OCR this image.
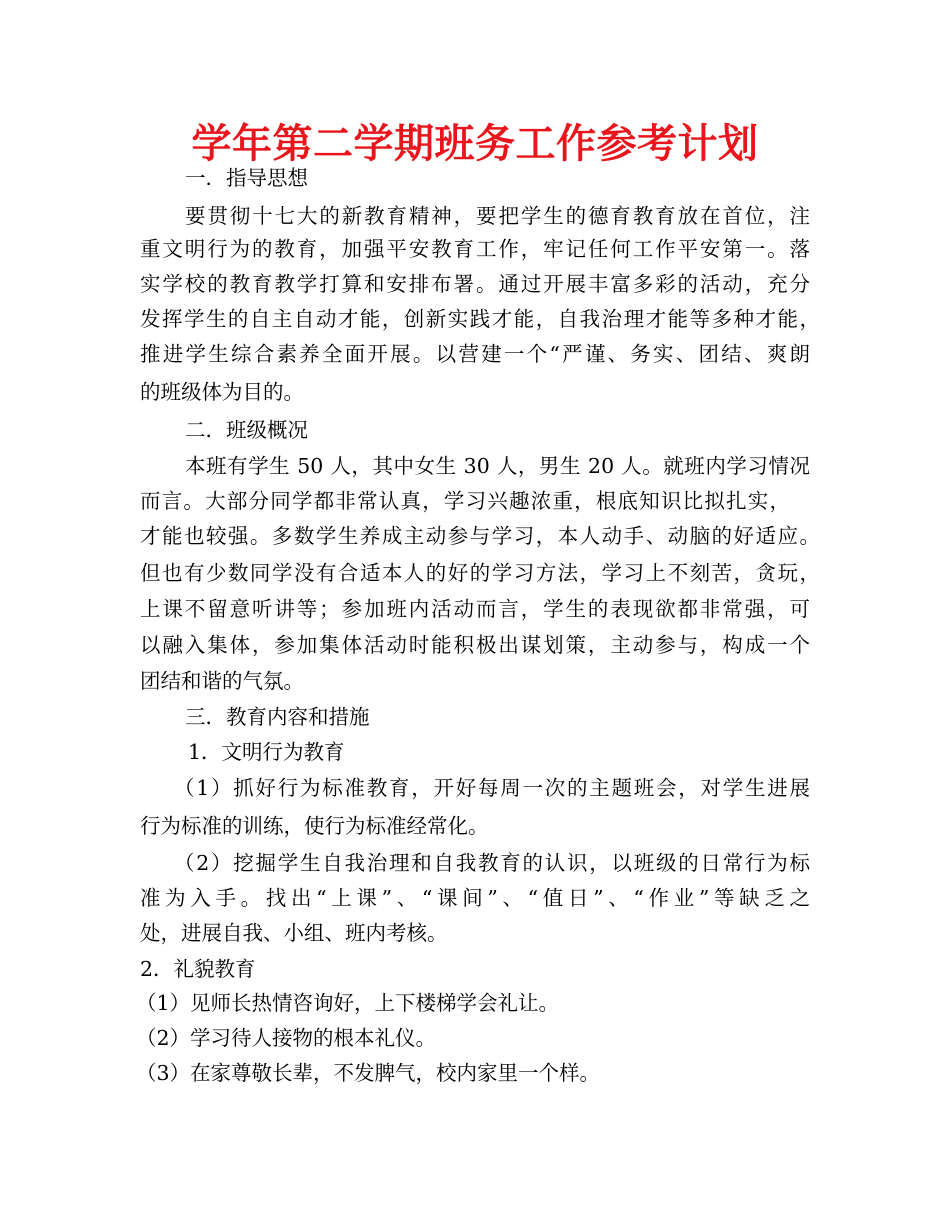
学年第二学期班务工作参考计划

一．指导思想

要贯彻十七大的新教育精神，要把学生的德育教育放在首位，注

重文明行为的教育，加强平安教育工作，牢记任何工作平安第一。落

实学校的教育教学打算和安排布署。通过开展丰富多彩的活动，充分

发挥学生的自主自动才能，创新实践才能，自我治理才能等多种才能，

推进学生综合素养全面开展。以营建一个“严谨、务实、团结、爽朗

的班级体为目的。

二．班级概况

本班有学生 50 人，其中女生 30 人，男生 20 人。就班内学习情况

而言。大部分同学都非常认真，学习兴趣浓重，根底知识比拟扎实，

才能也较强。多数学生养成主动参与学习，本人动手、动脑的好适应。

但也有少数同学没有合适本人的好的学习方法，学习上不刻苦，贪玩，

上课不留意听讲等；参加班内活动而言，学生的表现欲都非常强，可

以融入集体，参加集体活动时能积极出谋划策，主动参与，构成一个

团结和谐的气氛。

三．教育内容和措施

1．文明行为教育

（1）抓好行为标准教育，开好每周一次的主题班会，对学生进展

行为标准的训练，使行为标准经常化。

（2）挖掘学生自我治理和自我教育的认识，以班级的日常行为标

准为入手。找出“上课”、“课间”、“值日”、“作业”等缺乏之

处，进展自我、小组、班内考核。

2．礼貌教育

（1）见师长热情咨询好，上下楼梯学会礼让。

（2）学习待人接物的根本礼仪。

（3）在家尊敬长辈，不发脾气，校内家里一个样。
